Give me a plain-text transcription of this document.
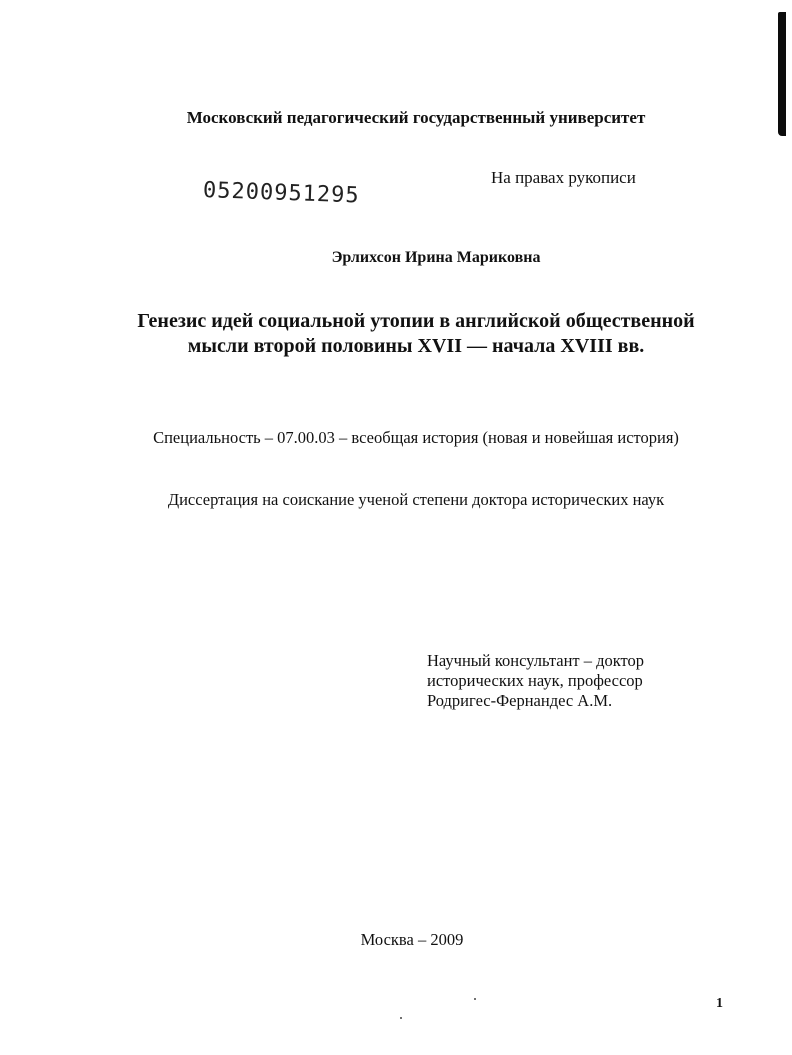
Московский педагогический государственный университет
05200951295
На правах рукописи
Эрлихсон Ирина Мариковна
Генезис идей социальной утопии в английской общественной
мысли второй половины XVII — начала XVIII вв.
Специальность – 07.00.03 – всеобщая история (новая и новейшая история)
Диссертация на соискание ученой степени доктора исторических наук
Научный консультант – доктор
исторических наук, профессор
Родригес-Фернандес А.М.
Москва – 2009
1
